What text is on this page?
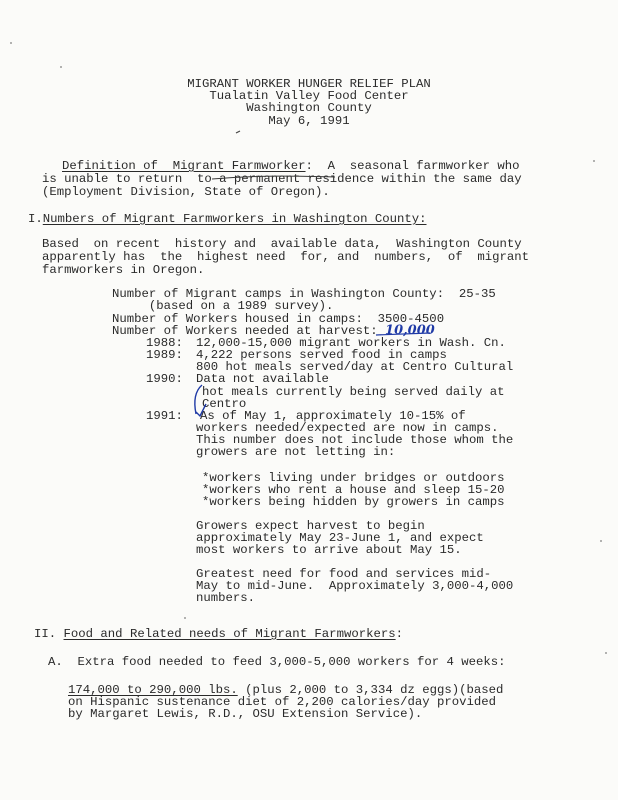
MIGRANT WORKER HUNGER RELIEF PLAN
Tualatin Valley Food Center
Washington County
May 6, 1991
Definition of  Migrant Farmworker:  A  seasonal farmworker who
is unable to return  to a permanent residence within the same day
(Employment Division, State of Oregon).
I.Numbers of Migrant Farmworkers in Washington County:
Based  on recent  history and  available data,  Washington County
apparently has  the  highest need  for, and  numbers,  of  migrant
farmworkers in Oregon.
Number of Migrant camps in Washington County:  25-35
(based on a 1989 survey).
Number of Workers housed in camps:  3500-4500
Number of Workers needed at harvest: 10,000
1988: 12,000-15,000 migrant workers in Wash. Cn.
1989: 4,222 persons served food in camps
800 hot meals served/day at Centro Cultural
1990: Data not available
hot meals currently being served daily at
Centro
1991: As of May 1, approximately 10-15% of
workers needed/expected are now in camps.
This number does not include those whom the
growers are not letting in:
*workers living under bridges or outdoors
*workers who rent a house and sleep 15-20
*workers being hidden by growers in camps
Growers expect harvest to begin
approximately May 23-June 1, and expect
most workers to arrive about May 15.
Greatest need for food and services mid-
May to mid-June.  Approximately 3,000-4,000
numbers.
II. Food and Related needs of Migrant Farmworkers:
A.  Extra food needed to feed 3,000-5,000 workers for 4 weeks:
174,000 to 290,000 lbs. (plus 2,000 to 3,334 dz eggs)(based
on Hispanic sustenance diet of 2,200 calories/day provided
by Margaret Lewis, R.D., OSU Extension Service).
